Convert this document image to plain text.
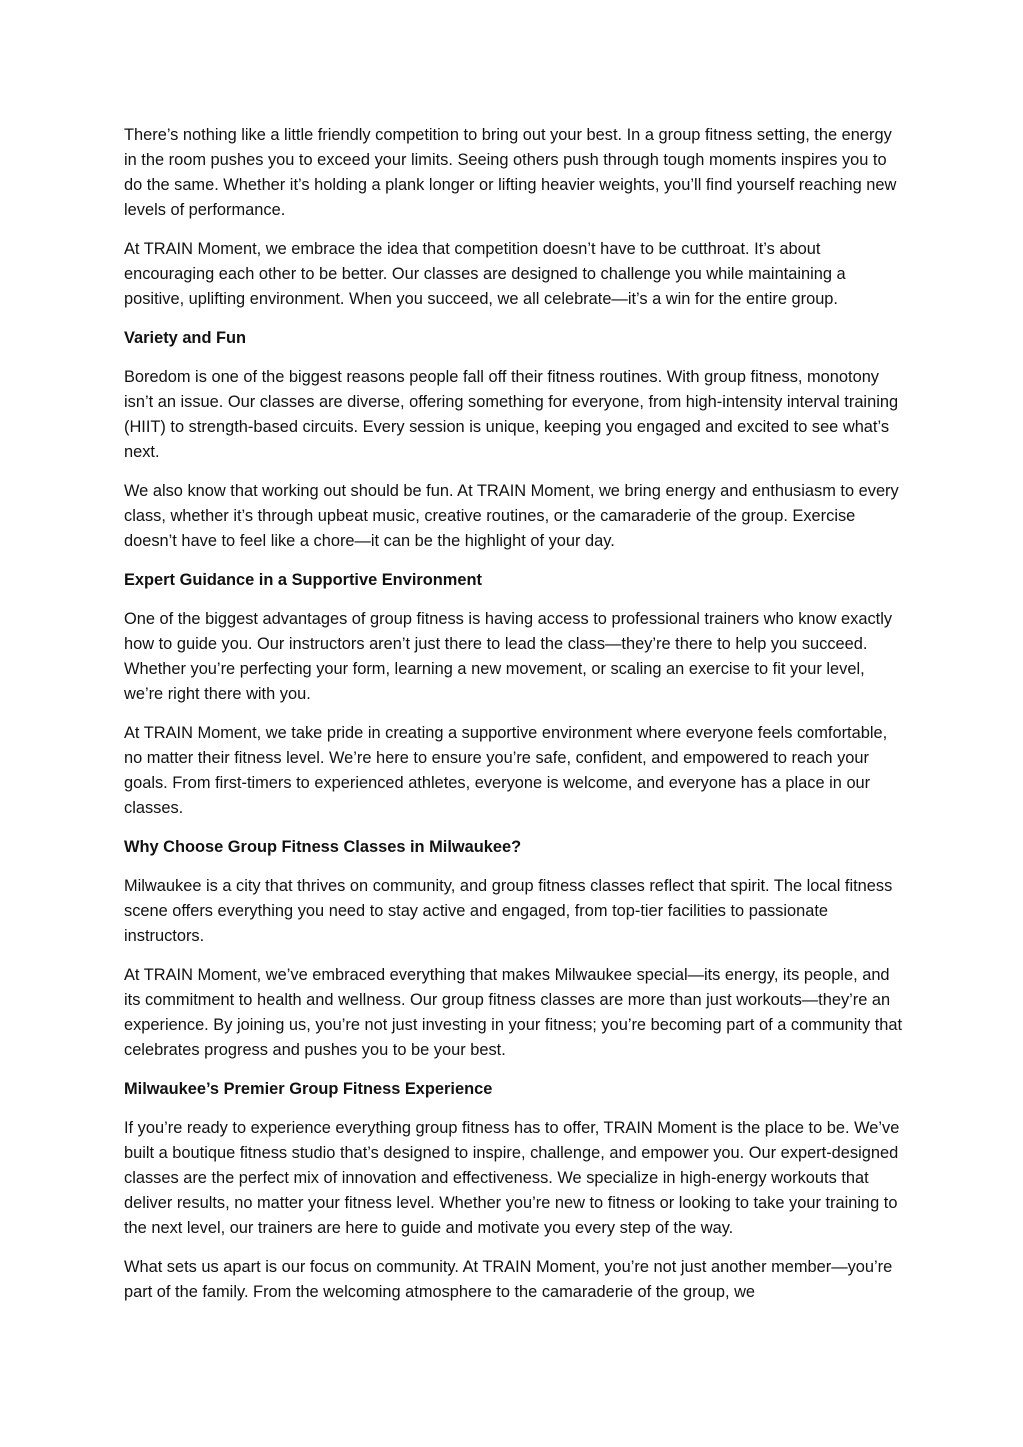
There’s nothing like a little friendly competition to bring out your best. In a group fitness setting, the energy in the room pushes you to exceed your limits. Seeing others push through tough moments inspires you to do the same. Whether it’s holding a plank longer or lifting heavier weights, you’ll find yourself reaching new levels of performance.

At TRAIN Moment, we embrace the idea that competition doesn’t have to be cutthroat. It’s about encouraging each other to be better. Our classes are designed to challenge you while maintaining a positive, uplifting environment. When you succeed, we all celebrate—it’s a win for the entire group.

Variety and Fun

Boredom is one of the biggest reasons people fall off their fitness routines. With group fitness, monotony isn’t an issue. Our classes are diverse, offering something for everyone, from high-intensity interval training (HIIT) to strength-based circuits. Every session is unique, keeping you engaged and excited to see what’s next.

We also know that working out should be fun. At TRAIN Moment, we bring energy and enthusiasm to every class, whether it’s through upbeat music, creative routines, or the camaraderie of the group. Exercise doesn’t have to feel like a chore—it can be the highlight of your day.

Expert Guidance in a Supportive Environment

One of the biggest advantages of group fitness is having access to professional trainers who know exactly how to guide you. Our instructors aren’t just there to lead the class—they’re there to help you succeed. Whether you’re perfecting your form, learning a new movement, or scaling an exercise to fit your level, we’re right there with you.

At TRAIN Moment, we take pride in creating a supportive environment where everyone feels comfortable, no matter their fitness level. We’re here to ensure you’re safe, confident, and empowered to reach your goals. From first-timers to experienced athletes, everyone is welcome, and everyone has a place in our classes.

Why Choose Group Fitness Classes in Milwaukee?

Milwaukee is a city that thrives on community, and group fitness classes reflect that spirit. The local fitness scene offers everything you need to stay active and engaged, from top-tier facilities to passionate instructors.

At TRAIN Moment, we’ve embraced everything that makes Milwaukee special—its energy, its people, and its commitment to health and wellness. Our group fitness classes are more than just workouts—they’re an experience. By joining us, you’re not just investing in your fitness; you’re becoming part of a community that celebrates progress and pushes you to be your best.

Milwaukee’s Premier Group Fitness Experience

If you’re ready to experience everything group fitness has to offer, TRAIN Moment is the place to be. We’ve built a boutique fitness studio that’s designed to inspire, challenge, and empower you. Our expert-designed classes are the perfect mix of innovation and effectiveness. We specialize in high-energy workouts that deliver results, no matter your fitness level. Whether you’re new to fitness or looking to take your training to the next level, our trainers are here to guide and motivate you every step of the way.

What sets us apart is our focus on community. At TRAIN Moment, you’re not just another member—you’re part of the family. From the welcoming atmosphere to the camaraderie of the group, we
